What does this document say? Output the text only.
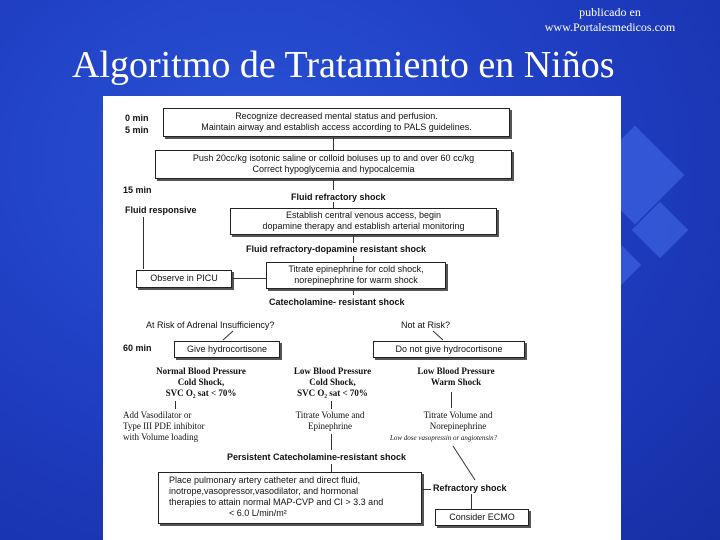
publicado en
www.Portalesmedicos.com
Algoritmo de Tratamiento en Niños
0 min
5 min
Recognize decreased mental status and perfusion.
Maintain airway and establish access according to PALS guidelines.
Push 20cc/kg isotonic saline or colloid boluses up to and over 60 cc/kg
Correct hypoglycemia and hypocalcemia
15 min
Fluid refractory shock
Fluid responsive	Establish central venous access, begin
dopamine therapy and establish arterial monitoring
Fluid refractory-dopamine resistant shock
Observe in PICU
Titrate epinephrine for cold shock,
norepinephrine for warm shock
Catecholamine- resistant shock
At Risk of Adrenal Insufficiency?	Not at Risk?
60 min	Give hydrocortisone	Do not give hydrocortisone
Normal Blood Pressure
Cold Shock,
SVC O₂ sat < 70%
Low Blood Pressure
Cold Shock,
SVC O₂ sat < 70%
Low Blood Pressure
Warm Shock
Add Vasodilator or
Type III PDE inhibitor
with Volume loading
Titrate Volume and
Epinephrine
Titrate Volume and
Norepinephrine
Low dose vasopressin or angiotensin?
Persistent Catecholamine-resistant shock
Place pulmonary artery catheter and direct fluid,
inotrope,vasopressor,vasodilator, and hormonal
therapies to attain normal MAP-CVP and CI > 3.3 and
< 6.0 L/min/m²
Refractory shock
Consider ECMO
